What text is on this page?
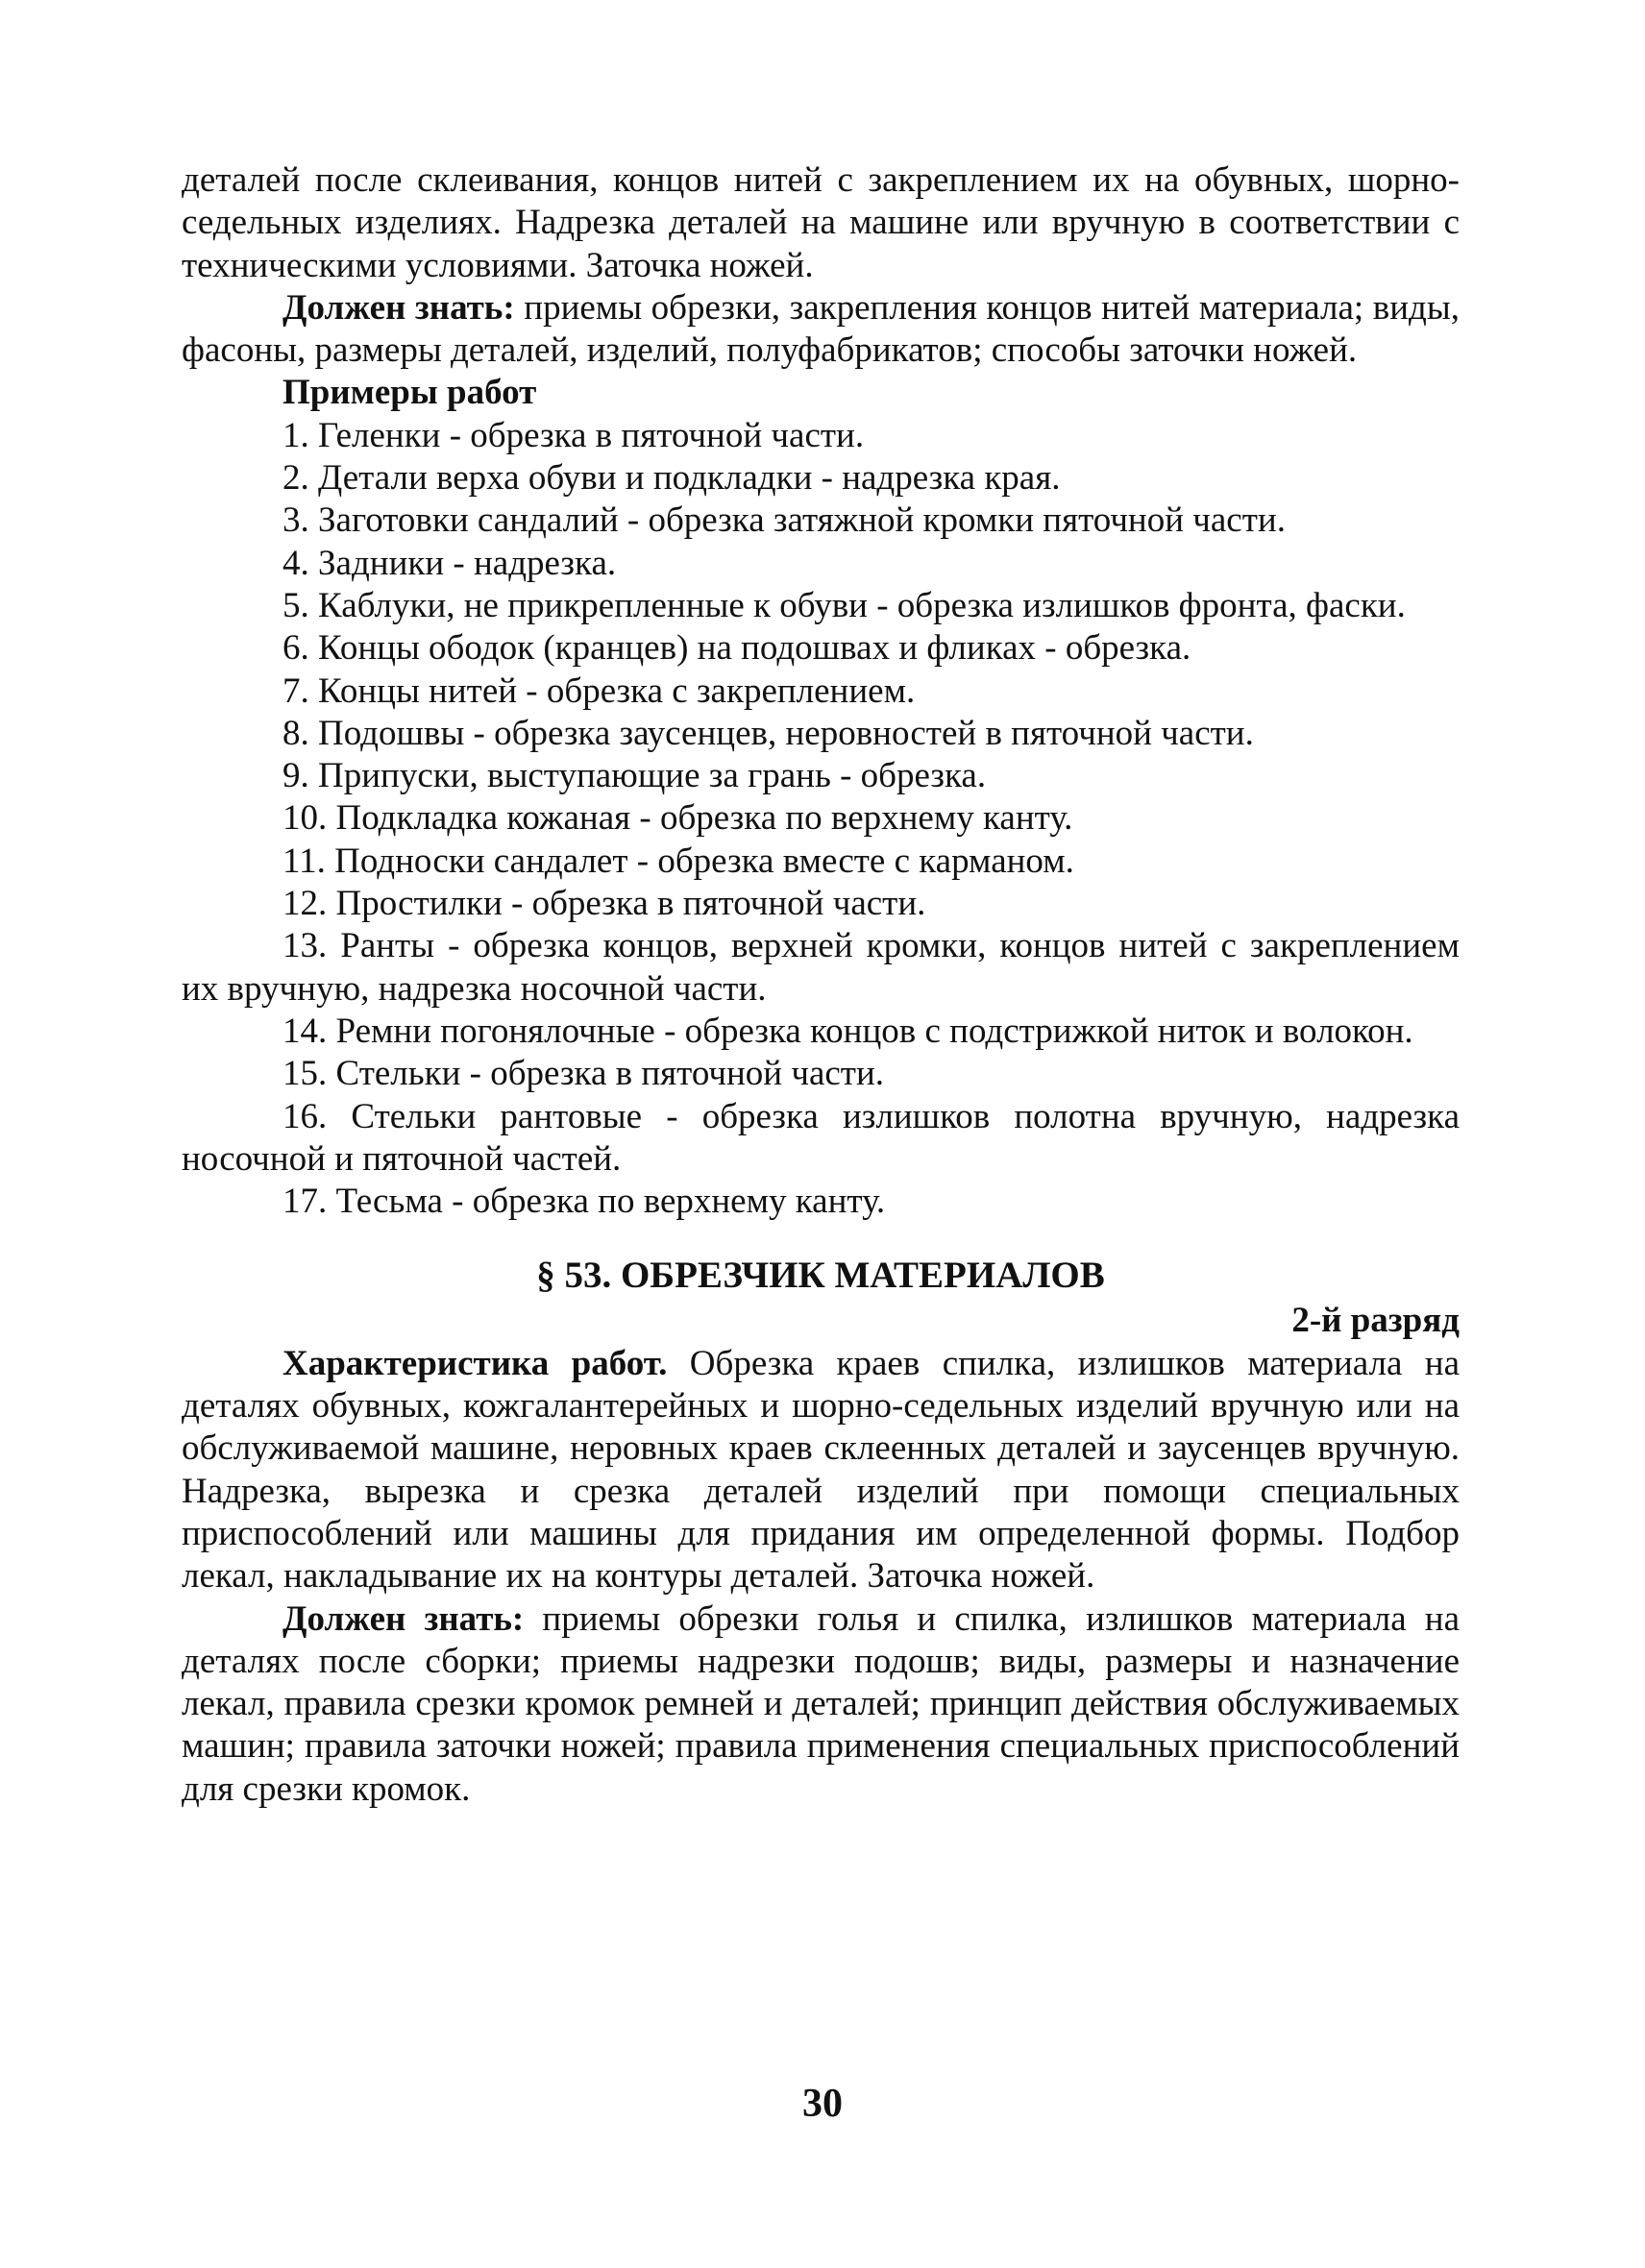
деталей после склеивания, концов нитей с закреплением их на обувных, шорно-седельных изделиях. Надрезка деталей на машине или вручную в соответствии с техническими условиями. Заточка ножей.

Должен знать: приемы обрезки, закрепления концов нитей материала; виды, фасоны, размеры деталей, изделий, полуфабрикатов; способы заточки ножей.

Примеры работ

1. Геленки - обрезка в пяточной части.

2. Детали верха обуви и подкладки - надрезка края.

3. Заготовки сандалий - обрезка затяжной кромки пяточной части.

4. Задники - надрезка.

5. Каблуки, не прикрепленные к обуви - обрезка излишков фронта, фаски.

6. Концы ободок (кранцев) на подошвах и фликах - обрезка.

7. Концы нитей - обрезка с закреплением.

8. Подошвы - обрезка заусенцев, неровностей в пяточной части.

9. Припуски, выступающие за грань - обрезка.

10. Подкладка кожаная - обрезка по верхнему канту.

11. Подноски сандалет - обрезка вместе с карманом.

12. Простилки - обрезка в пяточной части.

13. Ранты - обрезка концов, верхней кромки, концов нитей с закреплением их вручную, надрезка носочной части.

14. Ремни погонялочные - обрезка концов с подстрижкой ниток и волокон.

15. Стельки - обрезка в пяточной части.

16. Стельки рантовые - обрезка излишков полотна вручную, надрезка носочной и пяточной частей.

17. Тесьма - обрезка по верхнему канту.

§ 53. ОБРЕЗЧИК МАТЕРИАЛОВ

2-й разряд

Характеристика работ. Обрезка краев спилка, излишков материала на деталях обувных, кожгалантерейных и шорно-седельных изделий вручную или на обслуживаемой машине, неровных краев склеенных деталей и заусенцев вручную. Надрезка, вырезка и срезка деталей изделий при помощи специальных приспособлений или машины для придания им определенной формы. Подбор лекал, накладывание их на контуры деталей. Заточка ножей.

Должен знать: приемы обрезки голья и спилка, излишков материала на деталях после сборки; приемы надрезки подошв; виды, размеры и назначение лекал, правила срезки кромок ремней и деталей; принцип действия обслуживаемых машин; правила заточки ножей; правила применения специальных приспособлений для срезки кромок.

30
